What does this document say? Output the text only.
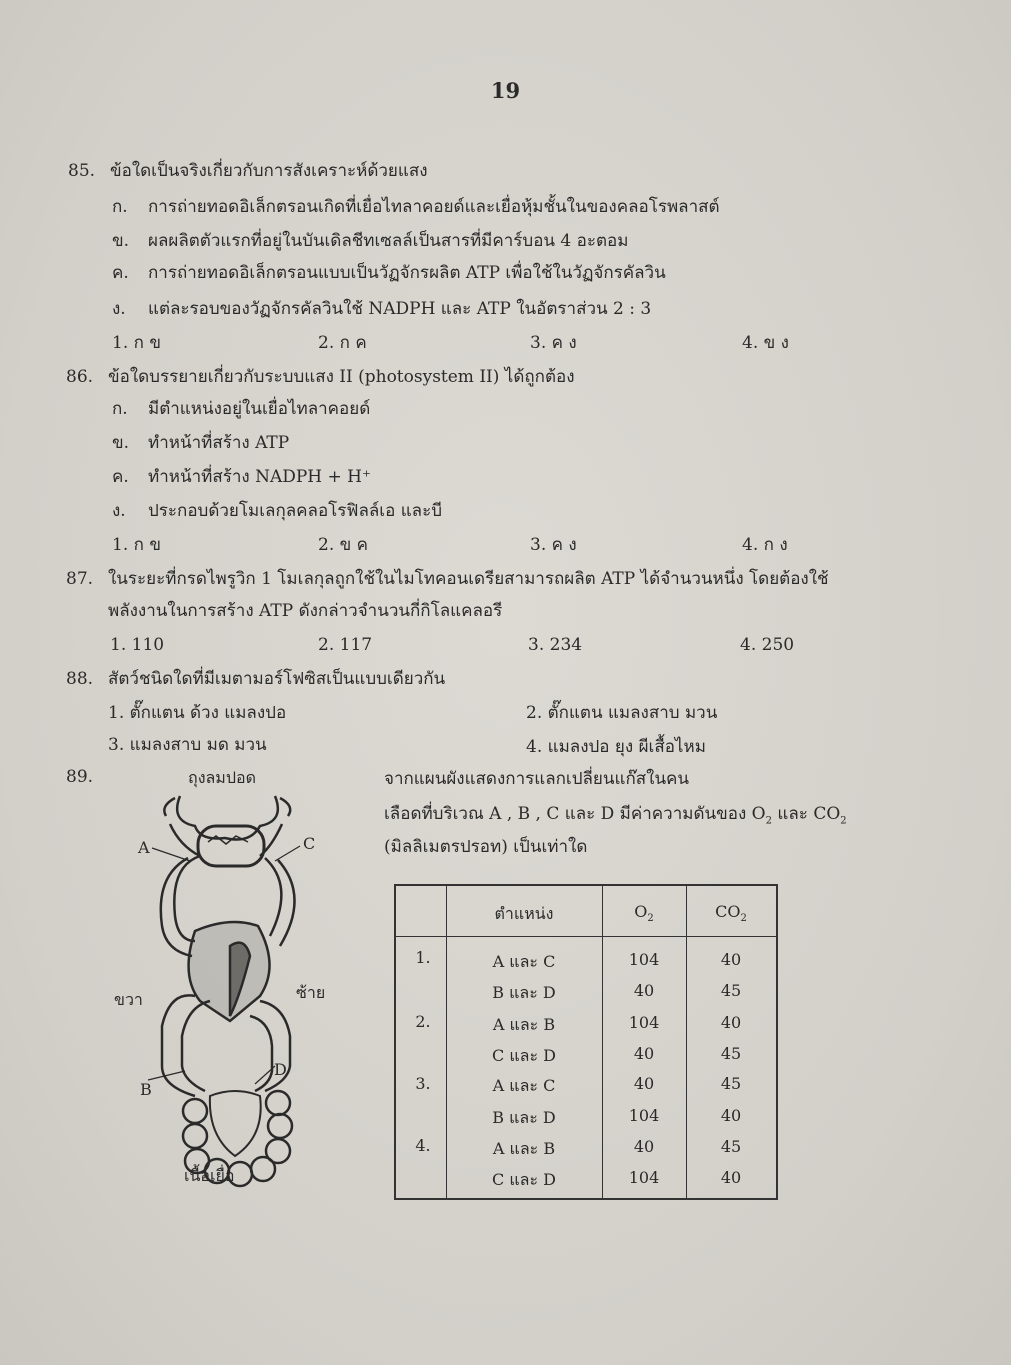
19
85. ข้อใดเป็นจริงเกี่ยวกับการสังเคราะห์ด้วยแสง
ก. การถ่ายทอดอิเล็กตรอนเกิดที่เยื่อไทลาคอยด์และเยื่อหุ้มชั้นในของคลอโรพลาสต์
ข. ผลผลิตตัวแรกที่อยู่ในบันเดิลชีทเซลล์เป็นสารที่มีคาร์บอน 4 อะตอม
ค. การถ่ายทอดอิเล็กตรอนแบบเป็นวัฏจักรผลิต ATP เพื่อใช้ในวัฏจักรคัลวิน
ง. แต่ละรอบของวัฏจักรคัลวินใช้ NADPH และ ATP ในอัตราส่วน 2 : 3
1. ก ข	2. ก ค	3. ค ง	4. ข ง
86. ข้อใดบรรยายเกี่ยวกับระบบแสง II (photosystem II) ได้ถูกต้อง
ก. มีตำแหน่งอยู่ในเยื่อไทลาคอยด์
ข. ทำหน้าที่สร้าง ATP
ค. ทำหน้าที่สร้าง NADPH + H⁺
ง. ประกอบด้วยโมเลกุลคลอโรฟิลล์เอ และบี
1. ก ข	2. ข ค	3. ค ง	4. ก ง
87. ในระยะที่กรดไพรูวิก 1 โมเลกุลถูกใช้ในไมโทคอนเดรียสามารถผลิต ATP ได้จำนวนหนึ่ง โดยต้องใช้
พลังงานในการสร้าง ATP ดังกล่าวจำนวนกี่กิโลแคลอรี
1. 110	2. 117	3. 234	4. 250
88. สัตว์ชนิดใดที่มีเมตามอร์โฟซิสเป็นแบบเดียวกัน
1. ตั๊กแตน ด้วง แมลงปอ	2. ตั๊กแตน แมลงสาบ มวน
3. แมลงสาบ มด มวน	4. แมลงปอ ยุง ผีเสื้อไหม
89.	จากแผนผังแสดงการแลกเปลี่ยนแก๊สในคน
เลือดที่บริเวณ A , B , C และ D มีค่าความดันของ $O_2$ และ $CO_2$
(มิลลิเมตรปรอท) เป็นเท่าใด
ถุงลมปอด
A	C
ขวา	ซ้าย
B
D
เนื้อเยื่อ
ตำแหน่ง	$O_2$	$CO_2$
1.	A และ C	104	40
B และ D	40	45
2.	A และ B	104	40
C และ D	40	45
3.	A และ C	40	45
B และ D	104	40
4.	A และ B	40	45
C และ D	104	40
